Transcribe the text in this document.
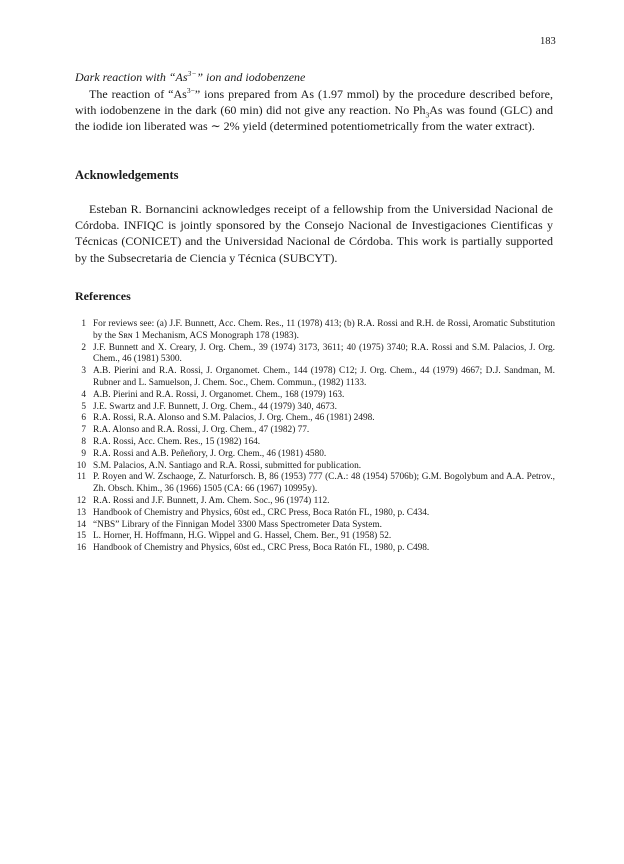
183
Dark reaction with “$As^{3-}$” ion and iodobenzene

The reaction of “$As^{3-}$” ions prepared from As (1.97 mmol) by the procedure described before, with iodobenzene in the dark (60 min) did not give any reaction. No $Ph_3As$ was found (GLC) and the iodide ion liberated was ∼ 2% yield (determined potentiometrically from the water extract).

Acknowledgements

Esteban R. Bornancini acknowledges receipt of a fellowship from the Universidad Nacional de Córdoba. INFIQC is jointly sponsored by the Consejo Nacional de Investigaciones Cientificas y Técnicas (CONICET) and the Universidad Nacional de Córdoba. This work is partially supported by the Subsecretaria de Ciencia y Técnica (SUBCYT).

References
1 For reviews see: (a) J.F. Bunnett, Acc. Chem. Res., 11 (1978) 413; (b) R.A. Rossi and R.H. de Rossi, Aromatic Substitution by the Sʀɴ 1 Mechanism, ACS Monograph 178 (1983).
2 J.F. Bunnett and X. Creary, J. Org. Chem., 39 (1974) 3173, 3611; 40 (1975) 3740; R.A. Rossi and S.M. Palacios, J. Org. Chem., 46 (1981) 5300.
3 A.B. Pierini and R.A. Rossi, J. Organomet. Chem., 144 (1978) C12; J. Org. Chem., 44 (1979) 4667; D.J. Sandman, M. Rubner and L. Samuelson, J. Chem. Soc., Chem. Commun., (1982) 1133.
4 A.B. Pierini and R.A. Rossi, J. Organomet. Chem., 168 (1979) 163.
5 J.E. Swartz and J.F. Bunnett, J. Org. Chem., 44 (1979) 340, 4673.
6 R.A. Rossi, R.A. Alonso and S.M. Palacios, J. Org. Chem., 46 (1981) 2498.
7 R.A. Alonso and R.A. Rossi, J. Org. Chem., 47 (1982) 77.
8 R.A. Rossi, Acc. Chem. Res., 15 (1982) 164.
9 R.A. Rossi and A.B. Peñeñory, J. Org. Chem., 46 (1981) 4580.
10 S.M. Palacios, A.N. Santiago and R.A. Rossi, submitted for publication.
11 P. Royen and W. Zschaoge, Z. Naturforsch. B, 86 (1953) 777 (C.A.: 48 (1954) 5706b); G.M. Bogolybum and A.A. Petrov., Zh. Obsch. Khim., 36 (1966) 1505 (CA: 66 (1967) 10995y).
12 R.A. Rossi and J.F. Bunnett, J. Am. Chem. Soc., 96 (1974) 112.
13 Handbook of Chemistry and Physics, 60st ed., CRC Press, Boca Ratón FL, 1980, p. C434.
14 “NBS” Library of the Finnigan Model 3300 Mass Spectrometer Data System.
15 L. Horner, H. Hoffmann, H.G. Wippel and G. Hassel, Chem. Ber., 91 (1958) 52.
16 Handbook of Chemistry and Physics, 60st ed., CRC Press, Boca Ratón FL, 1980, p. C498.
